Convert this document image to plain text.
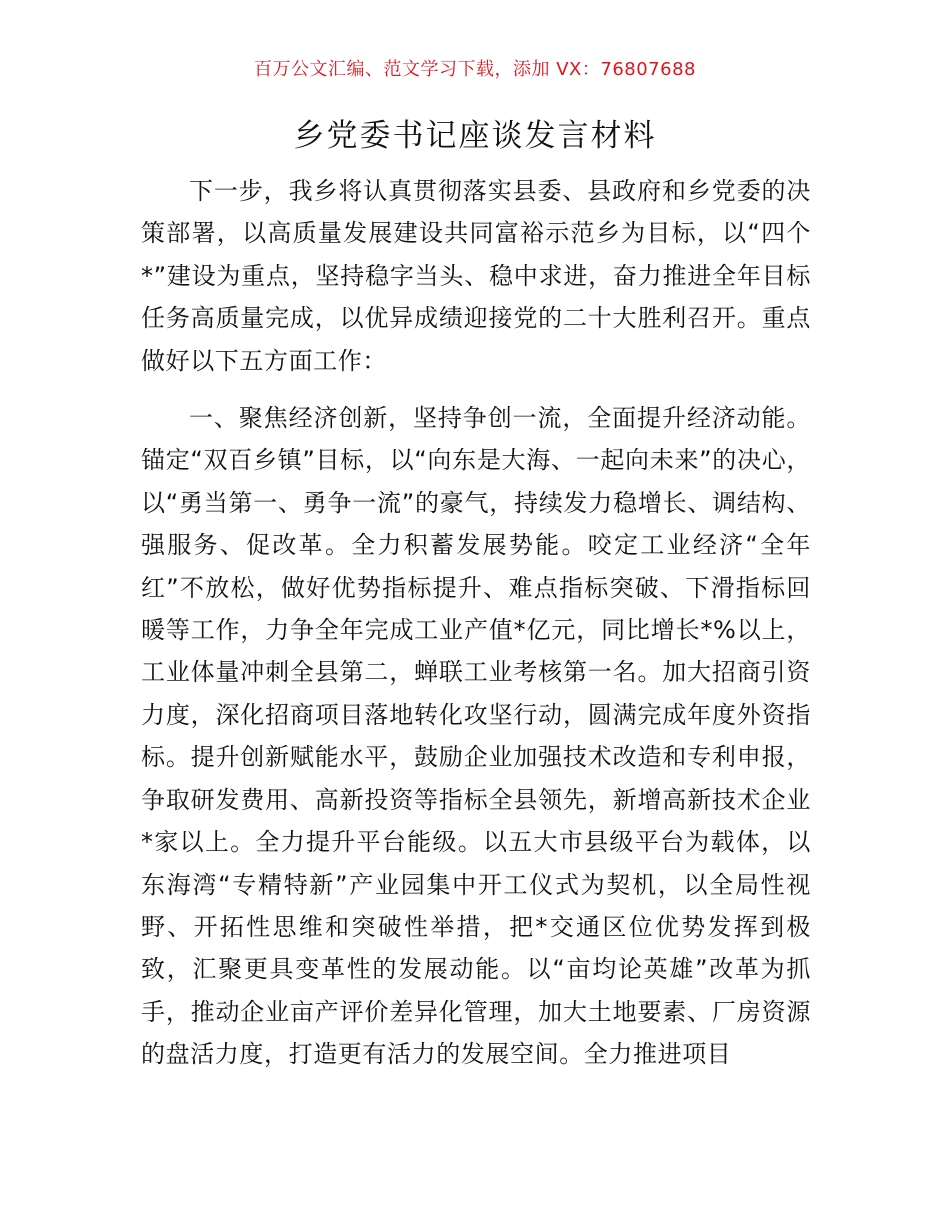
百万公文汇编、范文学习下载，添加 VX：76807688
乡党委书记座谈发言材料

下一步，我乡将认真贯彻落实县委、县政府和乡党委的决策部署，以高质量发展建设共同富裕示范乡为目标，以“四个*”建设为重点，坚持稳字当头、稳中求进，奋力推进全年目标任务高质量完成，以优异成绩迎接党的二十大胜利召开。重点做好以下五方面工作：

一、聚焦经济创新，坚持争创一流，全面提升经济动能。锚定“双百乡镇”目标，以“向东是大海、一起向未来”的决心，以“勇当第一、勇争一流”的豪气，持续发力稳增长、调结构、强服务、促改革。全力积蓄发展势能。咬定工业经济“全年红”不放松，做好优势指标提升、难点指标突破、下滑指标回暖等工作，力争全年完成工业产值*亿元，同比增长*%以上，工业体量冲刺全县第二，蝉联工业考核第一名。加大招商引资力度，深化招商项目落地转化攻坚行动，圆满完成年度外资指标。提升创新赋能水平，鼓励企业加强技术改造和专利申报，争取研发费用、高新投资等指标全县领先，新增高新技术企业*家以上。全力提升平台能级。以五大市县级平台为载体，以东海湾“专精特新”产业园集中开工仪式为契机，以全局性视野、开拓性思维和突破性举措，把*交通区位优势发挥到极致，汇聚更具变革性的发展动能。以“亩均论英雄”改革为抓手，推动企业亩产评价差异化管理，加大土地要素、厂房资源的盘活力度，打造更有活力的发展空间。全力推进项目
